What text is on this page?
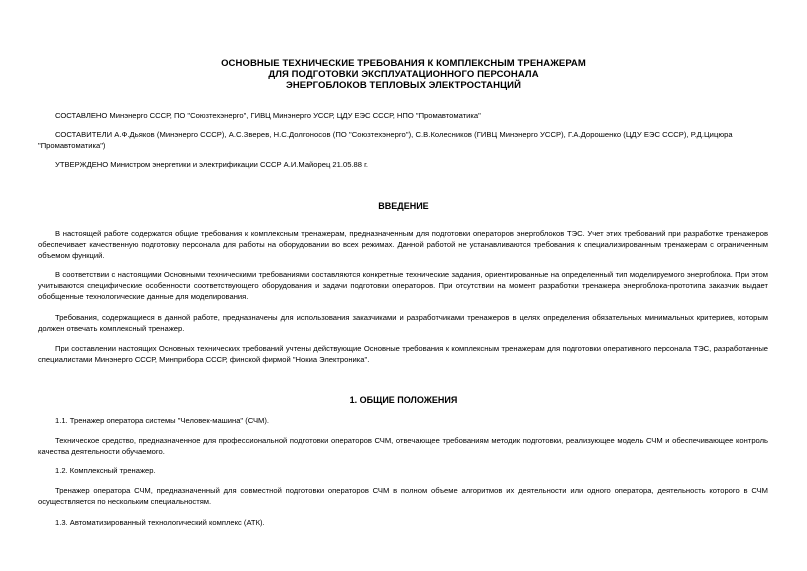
ОСНОВНЫЕ ТЕХНИЧЕСКИЕ ТРЕБОВАНИЯ К КОМПЛЕКСНЫМ ТРЕНАЖЕРАМ
ДЛЯ ПОДГОТОВКИ ЭКСПЛУАТАЦИОННОГО ПЕРСОНАЛА
ЭНЕРГОБЛОКОВ ТЕПЛОВЫХ ЭЛЕКТРОСТАНЦИЙ
СОСТАВЛЕНО Минэнерго СССР, ПО "Союзтехэнерго", ГИВЦ Минэнерго УССР, ЦДУ ЕЭС СССР, НПО "Промавтоматика"
СОСТАВИТЕЛИ А.Ф.Дьяков (Минэнерго СССР), А.С.Зверев, Н.С.Долгоносов (ПО "Союзтехэнерго"), С.В.Колесников (ГИВЦ Минэнерго УССР), Г.А.Дорошенко (ЦДУ ЕЭС СССР), Р.Д.Цицюра
"Промавтоматика")
УТВЕРЖДЕНО Министром энергетики и электрификации СССР А.И.Майорец 21.05.88 г.
ВВЕДЕНИЕ
В настоящей работе содержатся общие требования к комплексным тренажерам, предназначенным для подготовки операторов энергоблоков ТЭС. Учет этих требований при разработке тренажеров обеспечивает качественную подготовку персонала для работы на оборудовании во всех режимах. Данной работой не устанавливаются требования к специализированным тренажерам с ограниченным объемом функций.
В соответствии с настоящими Основными техническими требованиями составляются конкретные технические задания, ориентированные на определенный тип моделируемого энергоблока. При этом учитываются специфические особенности соответствующего оборудования и задачи подготовки операторов. При отсутствии на момент разработки тренажера энергоблока-прототипа заказчик выдает обобщенные технологические данные для моделирования.
Требования, содержащиеся в данной работе, предназначены для использования заказчиками и разработчиками тренажеров в целях определения обязательных минимальных критериев, которым должен отвечать комплексный тренажер.
При составлении настоящих Основных технических требований учтены действующие Основные требования к комплексным тренажерам для подготовки оперативного персонала ТЭС, разработанные специалистами Минэнерго СССР, Минприбора СССР, финской фирмой "Нокиа Электроника".
1. ОБЩИЕ ПОЛОЖЕНИЯ
1.1. Тренажер оператора системы "Человек-машина" (СЧМ).
Техническое средство, предназначенное для профессиональной подготовки операторов СЧМ, отвечающее требованиям методик подготовки, реализующее модель СЧМ и обеспечивающее контроль качества деятельности обучаемого.
1.2. Комплексный тренажер.
Тренажер оператора СЧМ, предназначенный для совместной подготовки операторов СЧМ в полном объеме алгоритмов их деятельности или одного оператора, деятельность которого в СЧМ осуществляется по нескольким специальностям.
1.3. Автоматизированный технологический комплекс (АТК).
